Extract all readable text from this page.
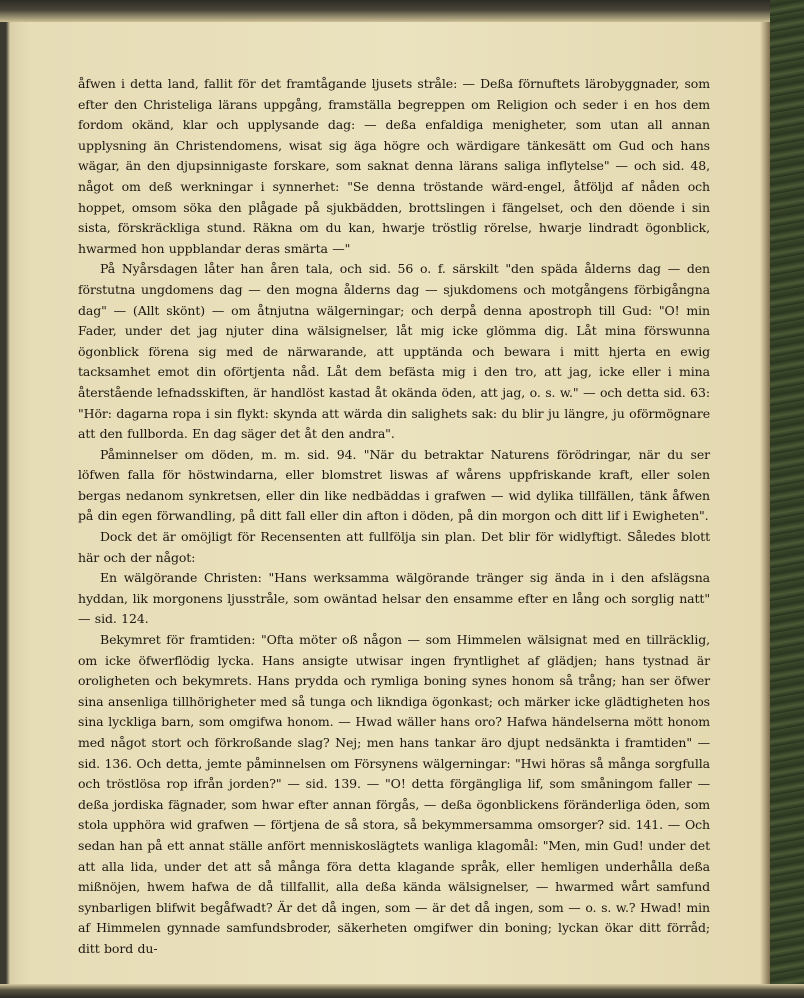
åfwen i detta land, fallit för det framtågande ljusets stråle: — Deßa förnuftets lärobyggnader, som efter den Christeliga lärans uppgång, framställa begreppen om Religion och seder i en hos dem fordom okänd, klar och upplysande dag: — deßa enfaldiga menigheter, som utan all annan upplysning än Christendomens, wisat sig äga högre och wärdigare tänkesätt om Gud och hans wägar, än den djupsinnigaste forskare, som saknat denna lärans saliga inflytelse" — och sid. 48, något om deß werkningar i synnerhet: "Se denna tröstande wärd-engel, åtföljd af nåden och hoppet, omsom söka den plågade på sjukbädden, brottslingen i fängelset, och den döende i sin sista, förskräckliga stund. Räkna om du kan, hwarje tröstlig rörelse, hwarje lindradt ögonblick, hwarmed hon uppblandar deras smärta —"

På Nyårsdagen låter han åren tala, och sid. 56 o. f. särskilt "den späda ålderns dag — den förstutna ungdomens dag — den mogna ålderns dag — sjukdomens och motgångens förbigångna dag" — (Allt skönt) — om åtnjutna wälgerningar; och derpå denna apostroph till Gud: "O! min Fader, under det jag njuter dina wälsignelser, låt mig icke glömma dig. Låt mina förswunna ögonblick förena sig med de närwarande, att upptända och bewara i mitt hjerta en ewig tacksamhet emot din oförtjenta nåd. Låt dem befästa mig i den tro, att jag, icke eller i mina återstående lefnadsskiften, är handlöst kastad åt okända öden, att jag, o. s. w." — och detta sid. 63: "Hör: dagarna ropa i sin flykt: skynda att wärda din salighets sak: du blir ju längre, ju oförmögnare att den fullborda. En dag säger det åt den andra".

Påminnelser om döden, m. m. sid. 94. "När du betraktar Naturens förödringar, när du ser löfwen falla för höstwindarna, eller blomstret liswas af wårens uppfriskande kraft, eller solen bergas nedanom synkretsen, eller din like nedbäddas i grafwen — wid dylika tillfällen, tänk åfwen på din egen förwandling, på ditt fall eller din afton i döden, på din morgon och ditt lif i Ewigheten".

Dock det är omöjligt för Recensenten att fullfölja sin plan. Det blir för widlyftigt. Således blott här och der något:

En wälgörande Christen: "Hans werksamma wälgörande tränger sig ända in i den afslägsna hyddan, lik morgonens ljusstråle, som owäntad helsar den ensamme efter en lång och sorglig natt" — sid. 124.

Bekymret för framtiden: "Ofta möter oß någon — som Himmelen wälsignat med en tillräcklig, om icke öfwerflödig lycka. Hans ansigte utwisar ingen fryntlighet af glädjen; hans tystnad är oroligheten och bekymrets. Hans prydda och rymliga boning synes honom så trång; han ser öfwer sina ansenliga tillhörigheter med så tunga och likndiga ögonkast; och märker icke glädtigheten hos sina lyckliga barn, som omgifwa honom. — Hwad wäller hans oro? Hafwa händelserna mött honom med något stort och förkroßande slag? Nej; men hans tankar äro djupt nedsänkta i framtiden" — sid. 136. Och detta, jemte påminnelsen om Försynens wälgerningar: "Hwi höras så många sorgfulla och tröstlösa rop ifrån jorden?" — sid. 139. — "O! detta förgängliga lif, som småningom faller — deßa jordiska fägnader, som hwar efter annan förgås, — deßa ögonblickens föränderliga öden, som stola upphöra wid grafwen — förtjena de så stora, så bekymmersamma omsorger? sid. 141. — Och sedan han på ett annat ställe anfört menniskoslägtets wanliga klagomål: "Men, min Gud! under det att alla lida, under det att så många föra detta klagande språk, eller hemligen underhålla deßa mißnöjen, hwem hafwa de då tillfallit, alla deßa kända wälsignelser, — hwarmed wårt samfund synbarligen blifwit begåfwadt? Är det då ingen, som — är det då ingen, som — o. s. w.? Hwad! min af Himmelen gynnade samfundsbroder, säkerheten omgifwer din boning; lyckan ökar ditt förråd; ditt bord du-
